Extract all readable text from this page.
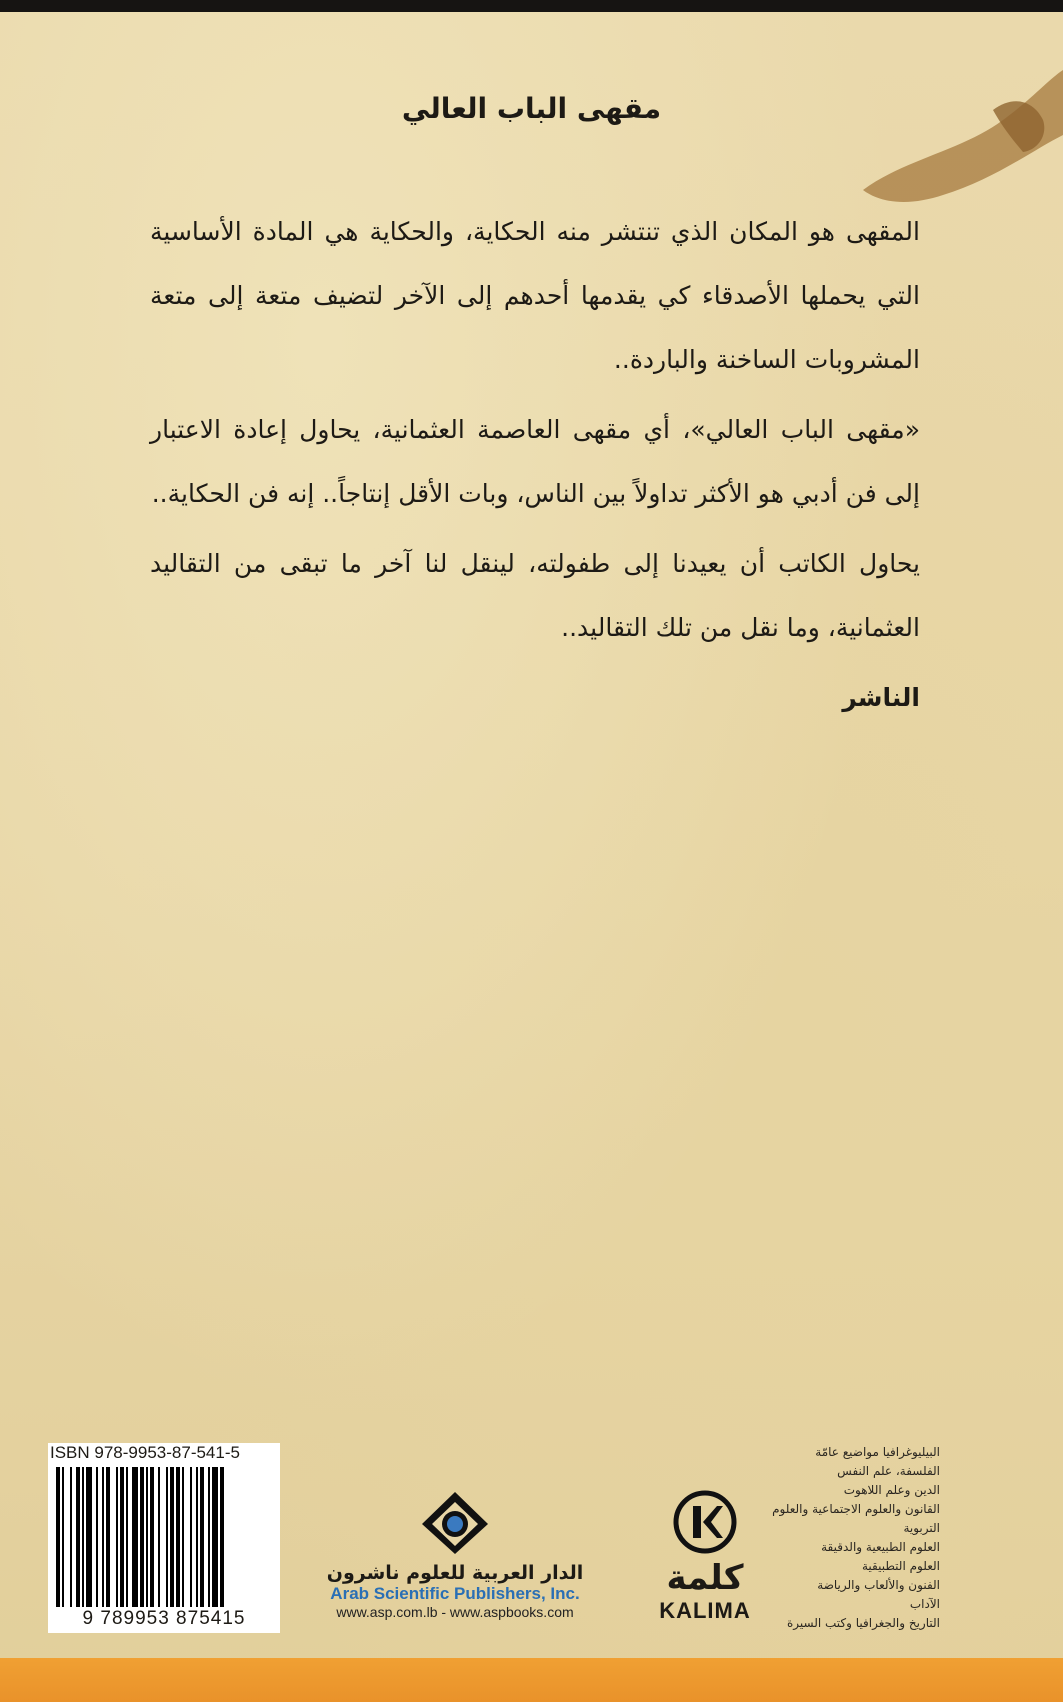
مقهى الباب العالي

المقهى هو المكان الذي تنتشر منه الحكاية، والحكاية هي المادة الأساسية التي يحملها الأصدقاء كي يقدمها أحدهم إلى الآخر لتضيف متعة إلى متعة المشروبات الساخنة والباردة..

«مقهى الباب العالي»، أي مقهى العاصمة العثمانية، يحاول إعادة الاعتبار إلى فن أدبي هو الأكثر تداولاً بين الناس، وبات الأقل إنتاجاً.. إنه فن الحكاية..

يحاول الكاتب أن يعيدنا إلى طفولته، لينقل لنا آخر ما تبقى من التقاليد العثمانية، وما نقل من تلك التقاليد..

الناشر
ISBN 978-9953-87-541-5
9 789953 875415
الدار العربية للعلوم ناشرون
Arab Scientific Publishers, Inc.
www.asp.com.lb - www.aspbooks.com
كلمة
KALIMA
البيليوغرافيا مواضيع عامّة
الفلسفة، علم النفس
الدين وعلم اللاهوت
القانون والعلوم الاجتماعية والعلوم التربوية
العلوم الطبيعية والدقيقة
العلوم التطبيقية
الفنون والألعاب والرياضة
الآداب
التاريخ والجغرافيا وكتب السيرة
